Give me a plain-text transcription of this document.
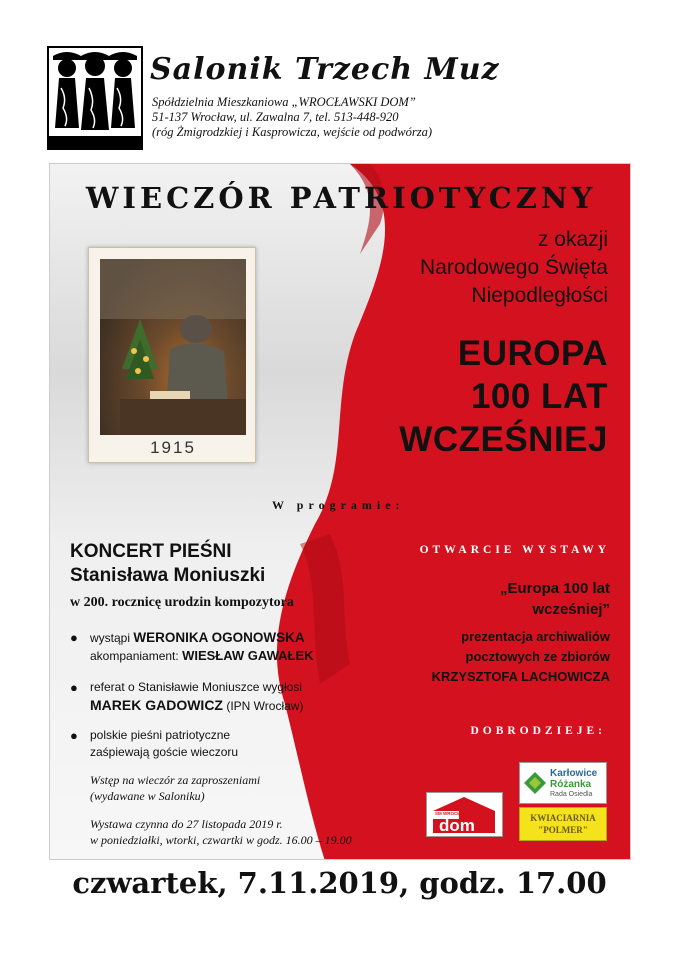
Salonik Trzech Muz
Spółdzielnia Mieszkaniowa „WROCŁAWSKI DOM”
51-137 Wrocław, ul. Zawalna 7, tel. 513-448-920
(róg Żmigrodzkiej i Kasprowicza, wejście od podwórza)
WIECZÓR PATRIOTYCZNY
z okazji
Narodowego Święta
Niepodległości
EUROPA
100 LAT
WCZEŚNIEJ
1915
W programie:
KONCERT PIEŚNI
Stanisława Moniuszki
w 200. rocznicę urodzin kompozytora
● wystąpi WERONIKA OGONOWSKA
akompaniament: WIESŁAW GAWAŁEK
● referat o Stanisławie Moniuszce wygłosi
MAREK GADOWICZ (IPN Wrocław)
● polskie pieśni patriotyczne
zaśpiewają goście wieczoru
Wstęp na wieczór za zaproszeniami
(wydawane w Saloniku)
Wystawa czynna do 27 listopada 2019 r.
w poniedziałki, wtorki, czwartki w godz. 16.00 – 19.00
OTWARCIE WYSTAWY
„Europa 100 lat
wcześniej”
prezentacja archiwaliów
pocztowych ze zbiorów
KRZYSZTOFA LACHOWICZA
DOBRODZIEJE:
SM WROCŁAWSKI
dom
Karłowice
Różanka
Rada Osiedla
KWIACIARNIA
"POLMER"
czwartek, 7.11.2019, godz. 17.00
